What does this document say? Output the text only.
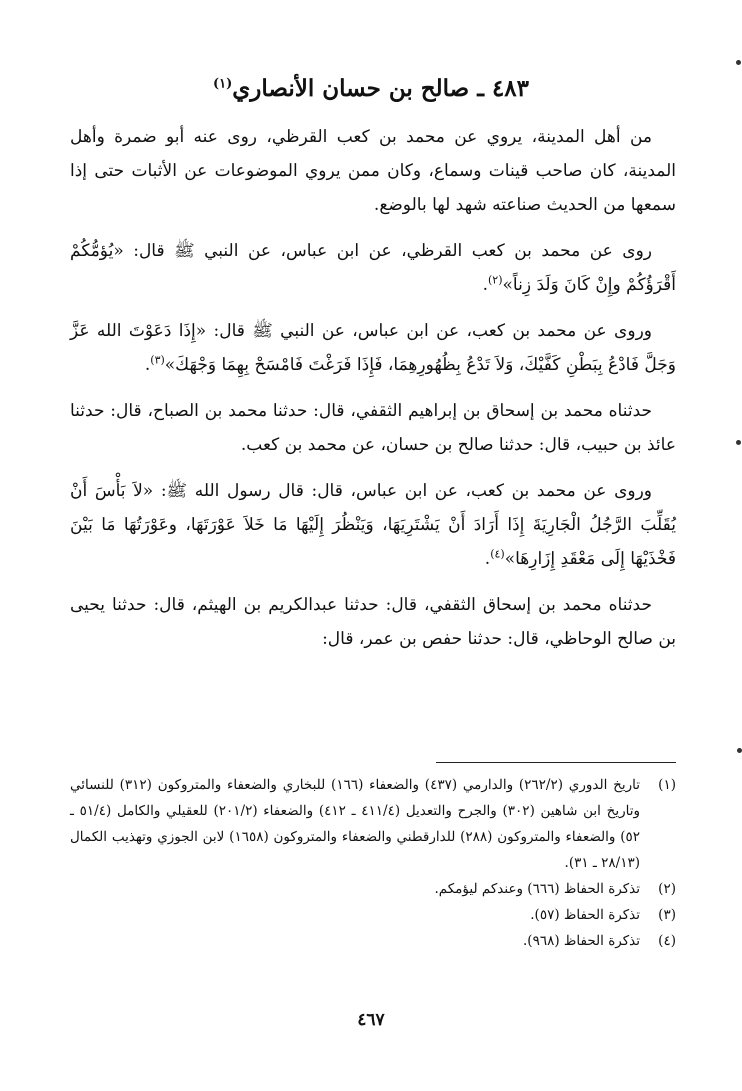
٤٨٣ ـ صالح بن حسان الأنصاري$^{(١)}$

من أهل المدينة، يروي عن محمد بن كعب القرظي، روى عنه أبو ضمرة وأهل المدينة، كان صاحب قينات وسماع، وكان ممن يروي الموضوعات عن الأثبات حتى إذا سمعها من الحديث صناعته شهد لها بالوضع.

روى عن محمد بن كعب القرظي، عن ابن عباس، عن النبي ﷺ قال: «يُؤمُّكُمْ أَقْرَؤُكُمْ وإِنْ كَانَ وَلَدَ زِناً»$^{(٢)}$.

وروى عن محمد بن كعب، عن ابن عباس، عن النبي ﷺ قال: «إِذَا دَعَوْتَ الله عَزَّ وَجَلَّ فَادْعُ بِبَطْنِ كَفَّيْكَ، وَلاَ تَدْعُ بِظُهُورِهِمَا، فَإِذَا فَرَغْتَ فَامْسَحْ بِهِمَا وَجْهَكَ»$^{(٣)}$.

حدثناه محمد بن إسحاق بن إبراهيم الثقفي، قال: حدثنا محمد بن الصباح، قال: حدثنا عائذ بن حبيب، قال: حدثنا صالح بن حسان، عن محمد بن كعب.

وروى عن محمد بن كعب، عن ابن عباس، قال: قال رسول الله ﷺ: «لاَ بَأْسَ أَنْ يُقَلِّبَ الرَّجُلُ الْجَارِيَةَ إِذَا أَرَادَ أَنْ يَشْتَرِيَهَا، وَيَنْظُرَ إِلَيْهَا مَا خَلاَ عَوْرَتَهَا، وعَوْرَتُهَا مَا بَيْنَ فَخْذَيْهَا إِلَى مَعْقَدِ إِزَارِهَا»$^{(٤)}$.

حدثناه محمد بن إسحاق الثقفي، قال: حدثنا عبدالكريم بن الهيثم، قال: حدثنا يحيى بن صالح الوحاظي، قال: حدثنا حفص بن عمر، قال:

(١)
تاريخ الدوري (٢٦٢/٢) والدارمي (٤٣٧) والضعفاء (١٦٦) للبخاري والضعفاء والمتروكون (٣١٢) للنسائي وتاريخ ابن شاهين (٣٠٢) والجرح والتعديل (٤١١/٤ ـ ٤١٢) والضعفاء (٢٠١/٢) للعقيلي والكامل (٥١/٤ ـ ٥٢) والضعفاء والمتروكون (٢٨٨) للدارقطني والضعفاء والمتروكون (١٦٥٨) لابن الجوزي وتهذيب الكمال (٢٨/١٣ ـ ٣١).
(٢)
تذكرة الحفاظ (٦٦٦) وعندكم ليؤمكم.
(٣)
تذكرة الحفاظ (٥٧).
(٤)
تذكرة الحفاظ (٩٦٨).
٤٦٧
